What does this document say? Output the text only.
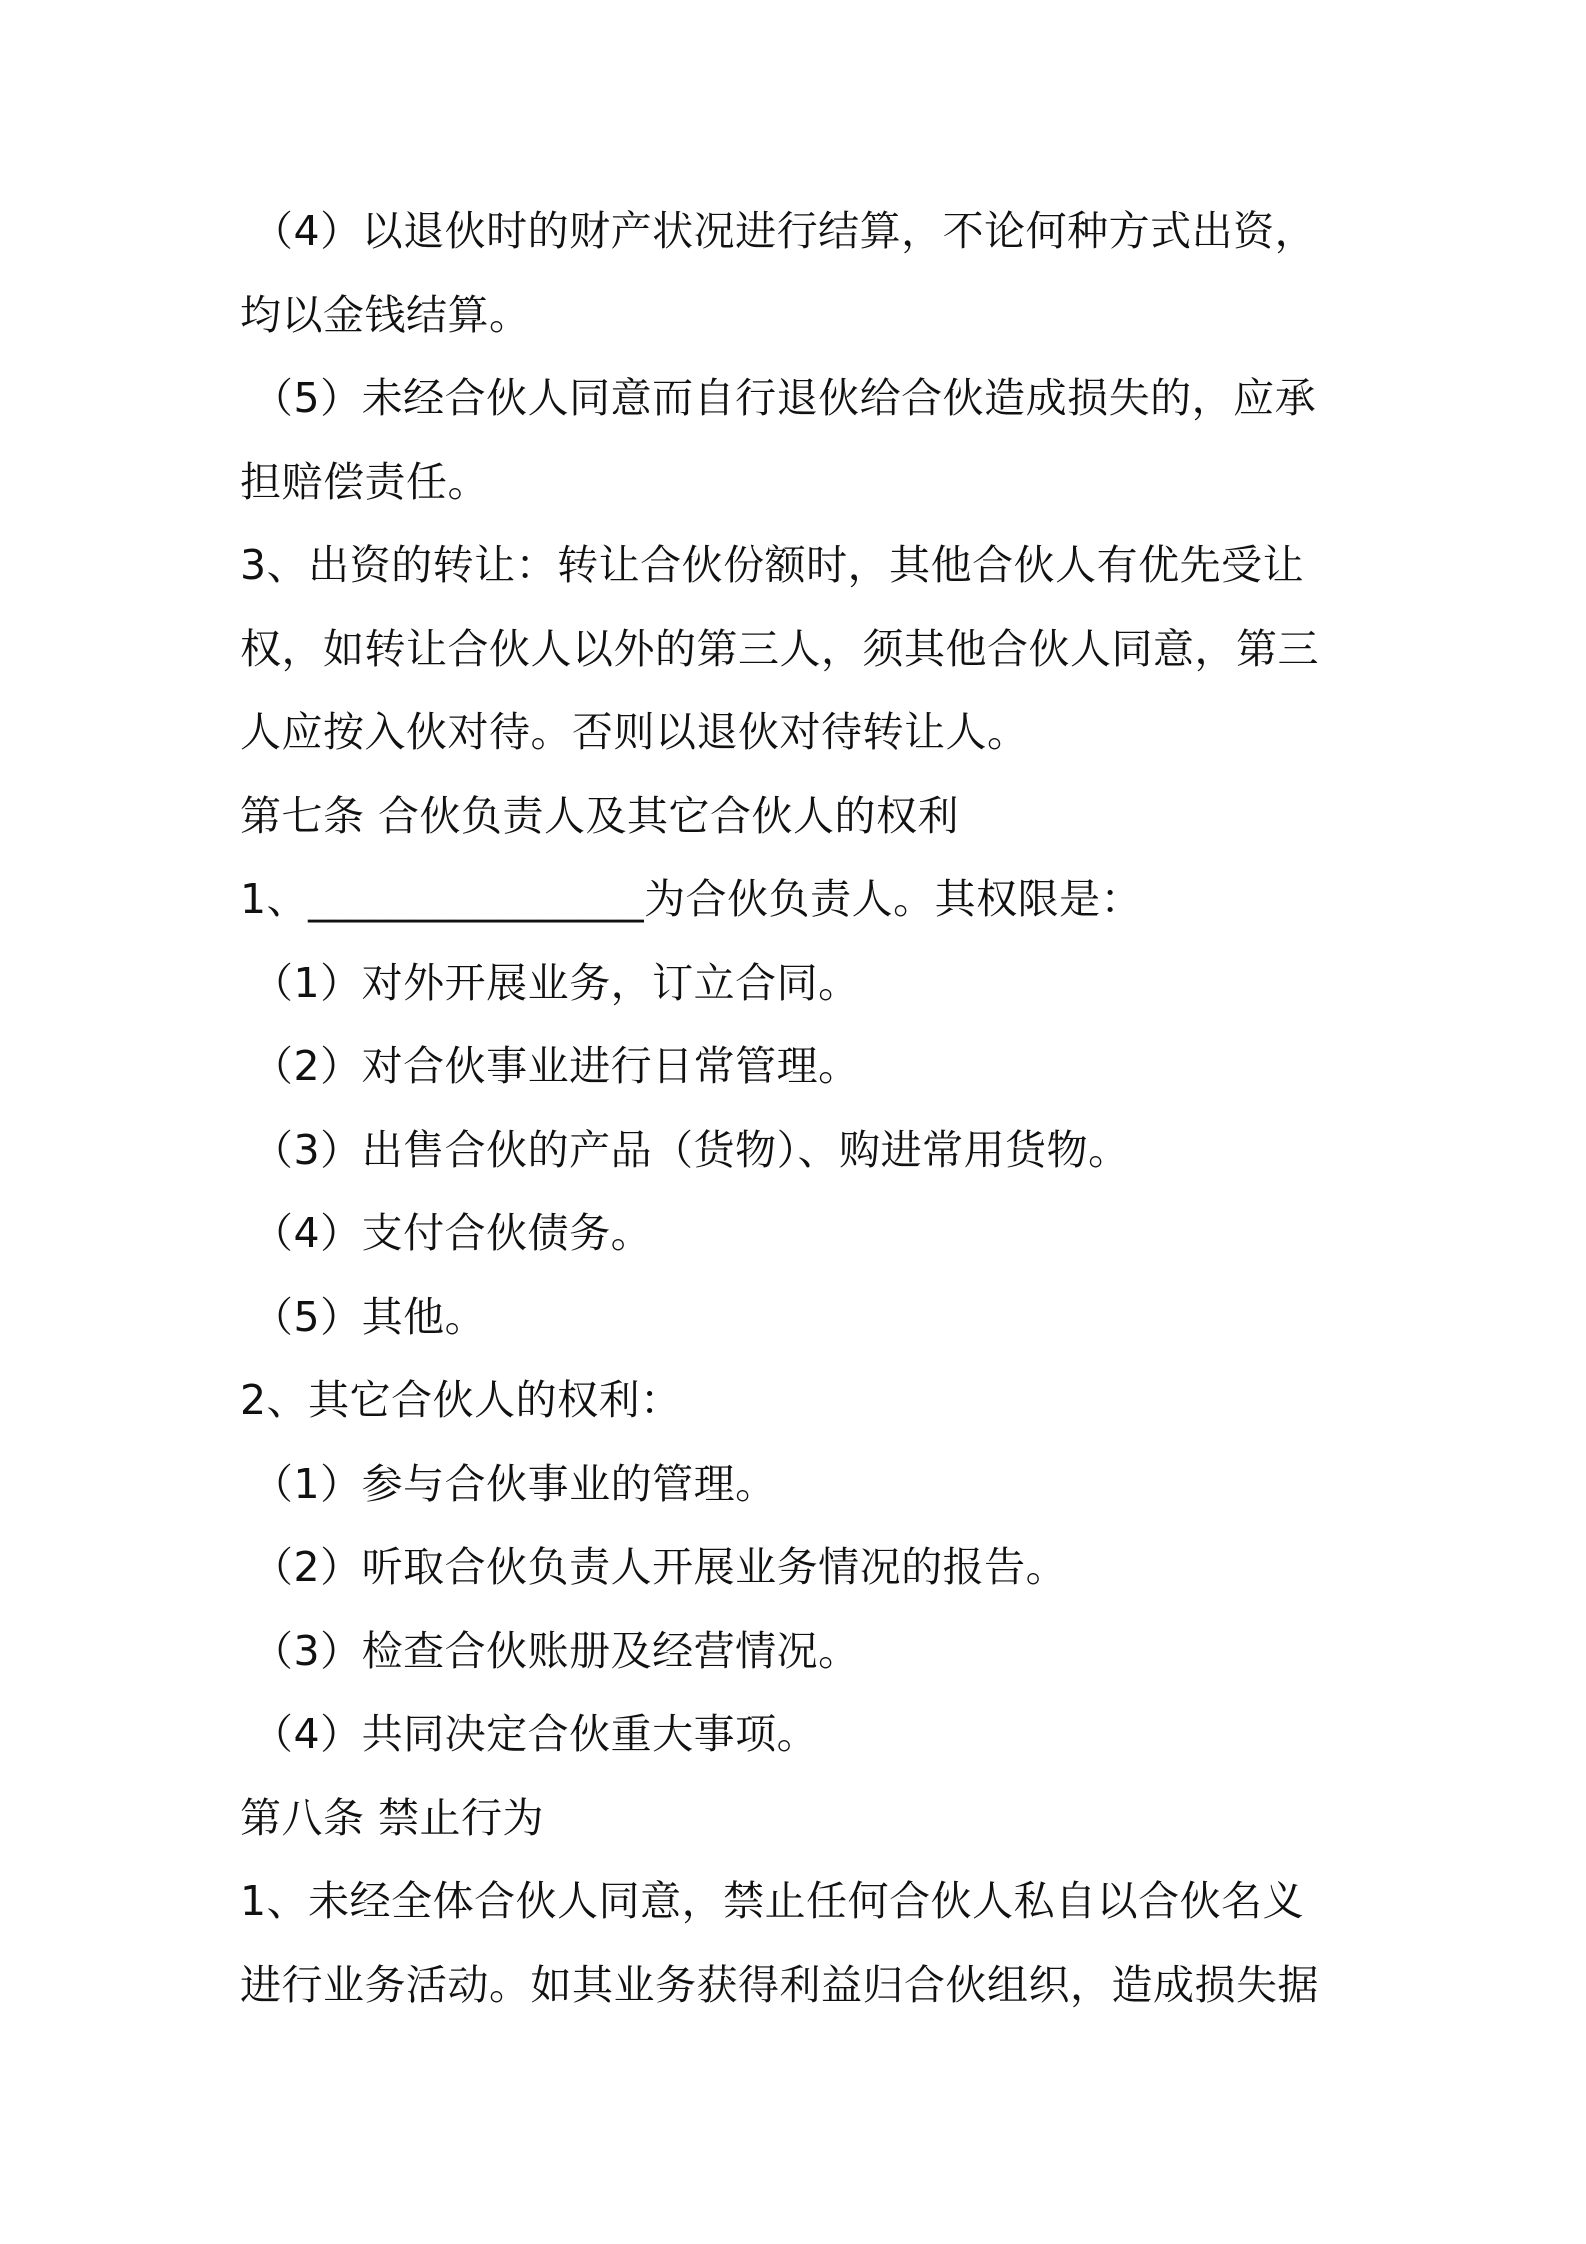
（4）以退伙时的财产状况进行结算，不论何种方式出资，
均以金钱结算。
（5）未经合伙人同意而自行退伙给合伙造成损失的，应承
担赔偿责任。
3、出资的转让：转让合伙份额时，其他合伙人有优先受让
权，如转让合伙人以外的第三人，须其他合伙人同意，第三
人应按入伙对待。否则以退伙对待转让人。
第七条 合伙负责人及其它合伙人的权利
1、________________为合伙负责人。其权限是：
（1）对外开展业务，订立合同。
（2）对合伙事业进行日常管理。
（3）出售合伙的产品（货物）、购进常用货物。
（4）支付合伙债务。
（5）其他。
2、其它合伙人的权利：
（1）参与合伙事业的管理。
（2）听取合伙负责人开展业务情况的报告。
（3）检查合伙账册及经营情况。
（4）共同决定合伙重大事项。
第八条 禁止行为
1、未经全体合伙人同意，禁止任何合伙人私自以合伙名义
进行业务活动。如其业务获得利益归合伙组织，造成损失据
